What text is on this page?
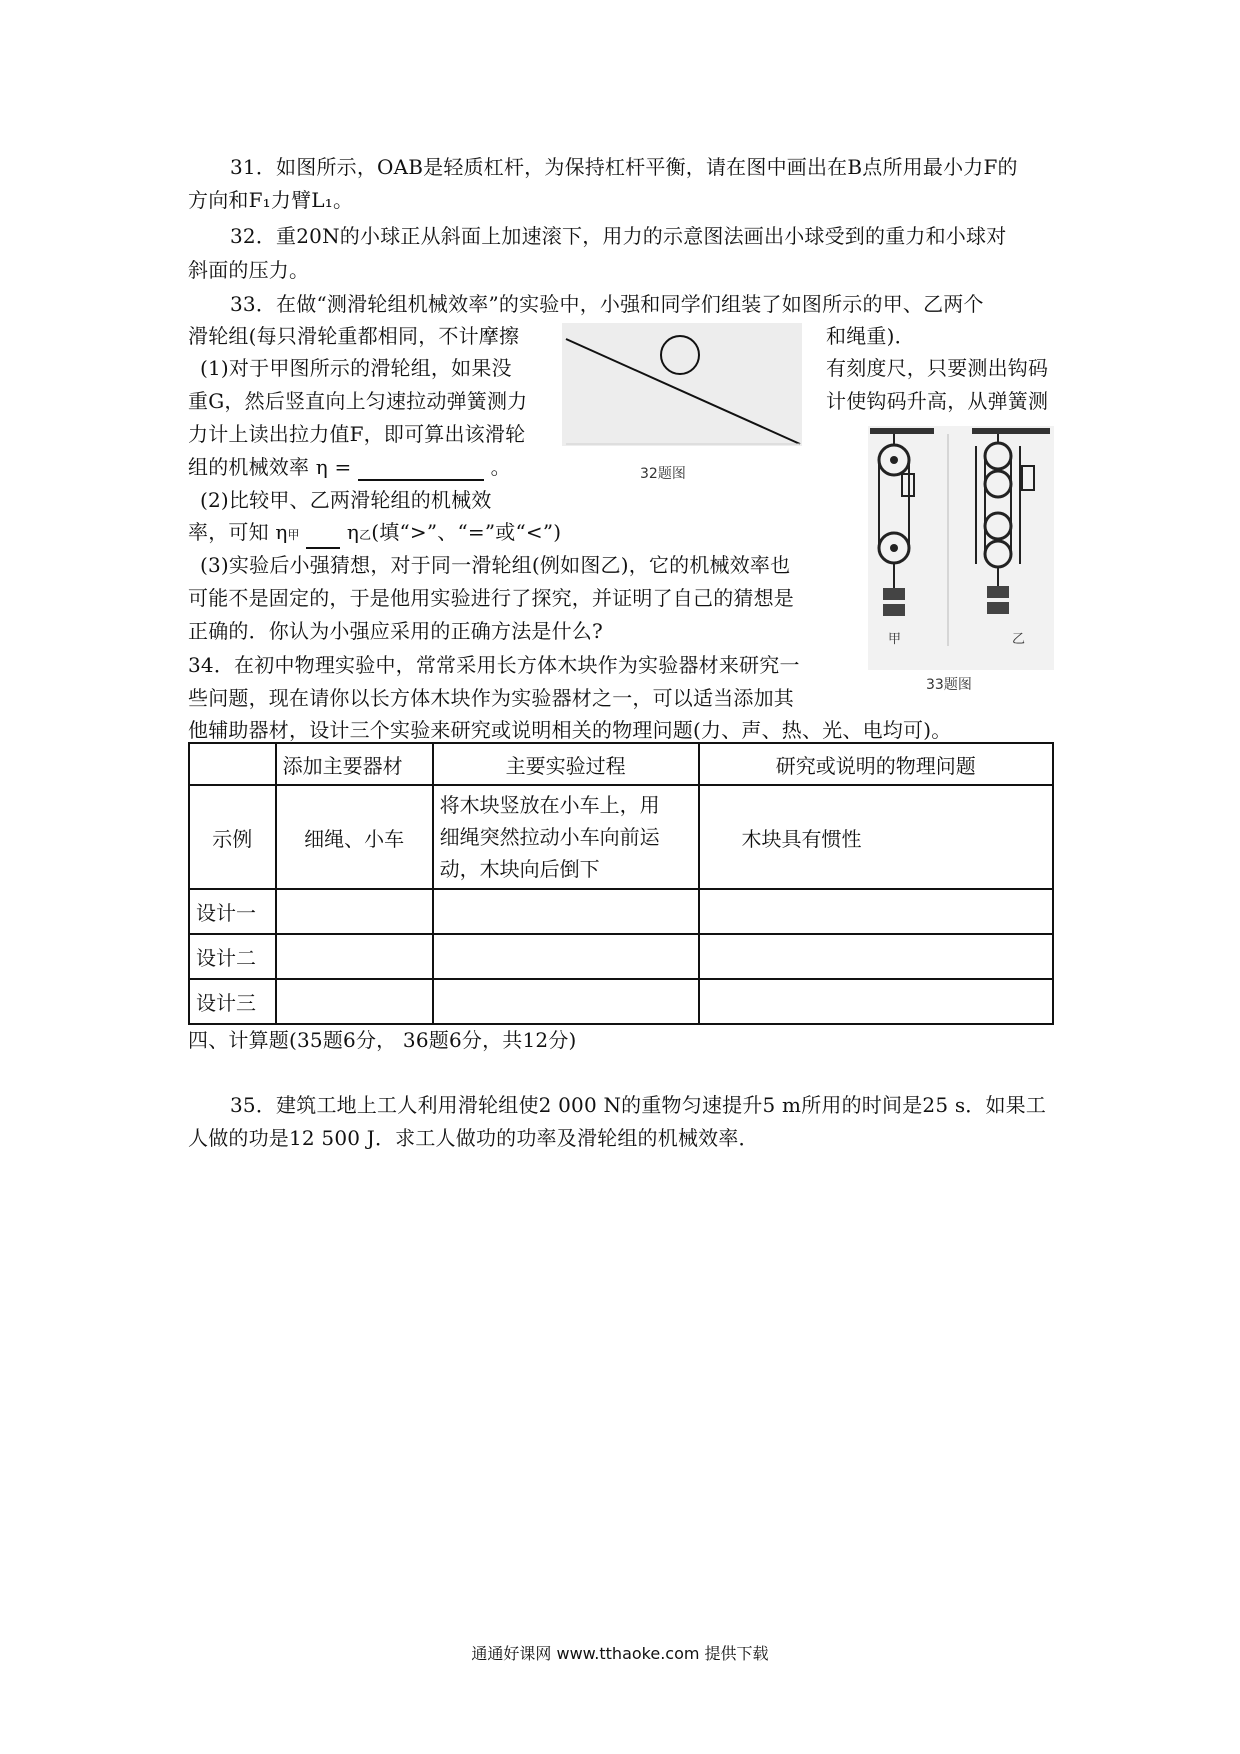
31．如图所示，OAB是轻质杠杆，为保持杠杆平衡，请在图中画出在B点所用最小力F的
方向和F₁力臂L₁。
32．重20N的小球正从斜面上加速滚下，用力的示意图法画出小球受到的重力和小球对
斜面的压力。
33．在做“测滑轮组机械效率”的实验中，小强和同学们组装了如图所示的甲、乙两个
滑轮组(每只滑轮重都相同，不计摩擦	和绳重)．
(1)对于甲图所示的滑轮组，如果没	有刻度尺，只要测出钩码
重G，然后竖直向上匀速拉动弹簧测力	计使钩码升高，从弹簧测
力计上读出拉力值F，即可算出该滑轮
组的机械效率 η =	。
(2)比较甲、乙两滑轮组的机械效
率，可知 η甲 η乙(填“>”、“=”或“<”)
(3)实验后小强猜想，对于同一滑轮组(例如图乙)，它的机械效率也
可能不是固定的，于是他用实验进行了探究，并证明了自己的猜想是
正确的．你认为小强应采用的正确方法是什么?
32题图
甲	乙
33题图
34．在初中物理实验中，常常采用长方体木块作为实验器材来研究一
些问题，现在请你以长方体木块作为实验器材之一，可以适当添加其
他辅助器材，设计三个实验来研究或说明相关的物理问题(力、声、热、光、电均可)。
	添加主要器材	主要实验过程	研究或说明的物理问题
示例	细绳、小车	将木块竖放在小车上，用
细绳突然拉动小车向前运
动，木块向后倒下	木块具有惯性
设计一			
设计二			
设计三			
四、计算题(35题6分， 36题6分，共12分)
35．建筑工地上工人利用滑轮组使2 000 N的重物匀速提升5 m所用的时间是25 s．如果工
人做的功是12 500 J．求工人做功的功率及滑轮组的机械效率．
通通好课网 www.tthaoke.com 提供下载
